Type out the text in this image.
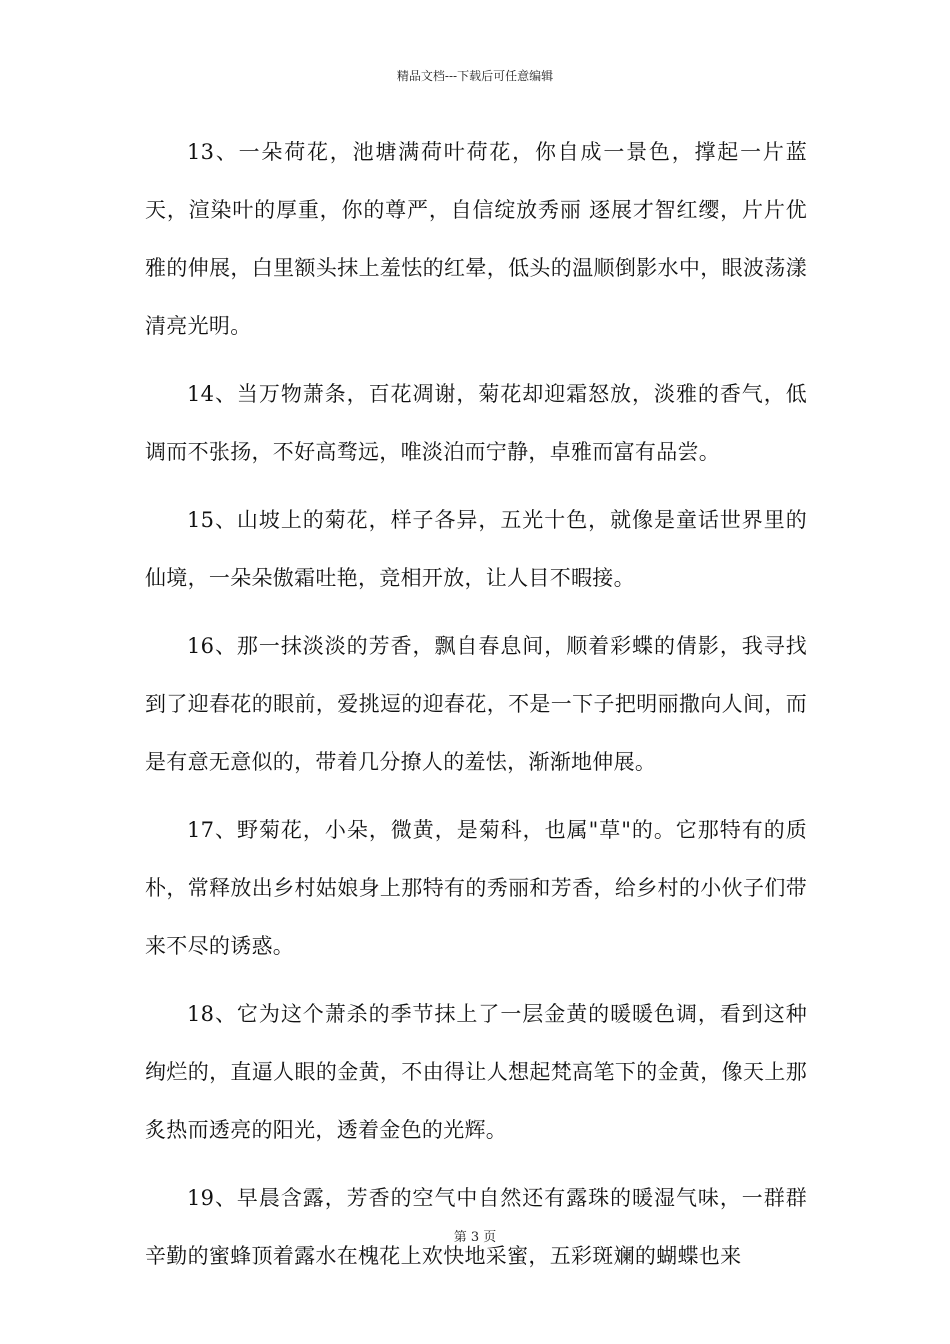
精品文档---下载后可任意编辑

13、一朵荷花，池塘满荷叶荷花，你自成一景色，撑起一片蓝天，渲染叶的厚重，你的尊严，自信绽放秀丽 逐展才智红缨，片片优雅的伸展，白里额头抹上羞怯的红晕，低头的温顺倒影水中，眼波荡漾清亮光明。

14、当万物萧条，百花凋谢，菊花却迎霜怒放，淡雅的香气，低调而不张扬，不好高骛远，唯淡泊而宁静，卓雅而富有品尝。

15、山坡上的菊花，样子各异，五光十色，就像是童话世界里的仙境，一朵朵傲霜吐艳，竞相开放，让人目不暇接。

16、那一抹淡淡的芳香，飘自春息间，顺着彩蝶的倩影，我寻找到了迎春花的眼前，爱挑逗的迎春花，不是一下子把明丽撒向人间，而是有意无意似的，带着几分撩人的羞怯，渐渐地伸展。

17、野菊花，小朵，微黄，是菊科，也属"草"的。它那特有的质朴，常释放出乡村姑娘身上那特有的秀丽和芳香，给乡村的小伙子们带来不尽的诱惑。

18、它为这个萧杀的季节抹上了一层金黄的暖暖色调，看到这种绚烂的，直逼人眼的金黄，不由得让人想起梵高笔下的金黄，像天上那炙热而透亮的阳光，透着金色的光辉。

19、早晨含露，芳香的空气中自然还有露珠的暖湿气味，一群群辛勤的蜜蜂顶着露水在槐花上欢快地采蜜，五彩斑斓的蝴蝶也来

第 3 页
